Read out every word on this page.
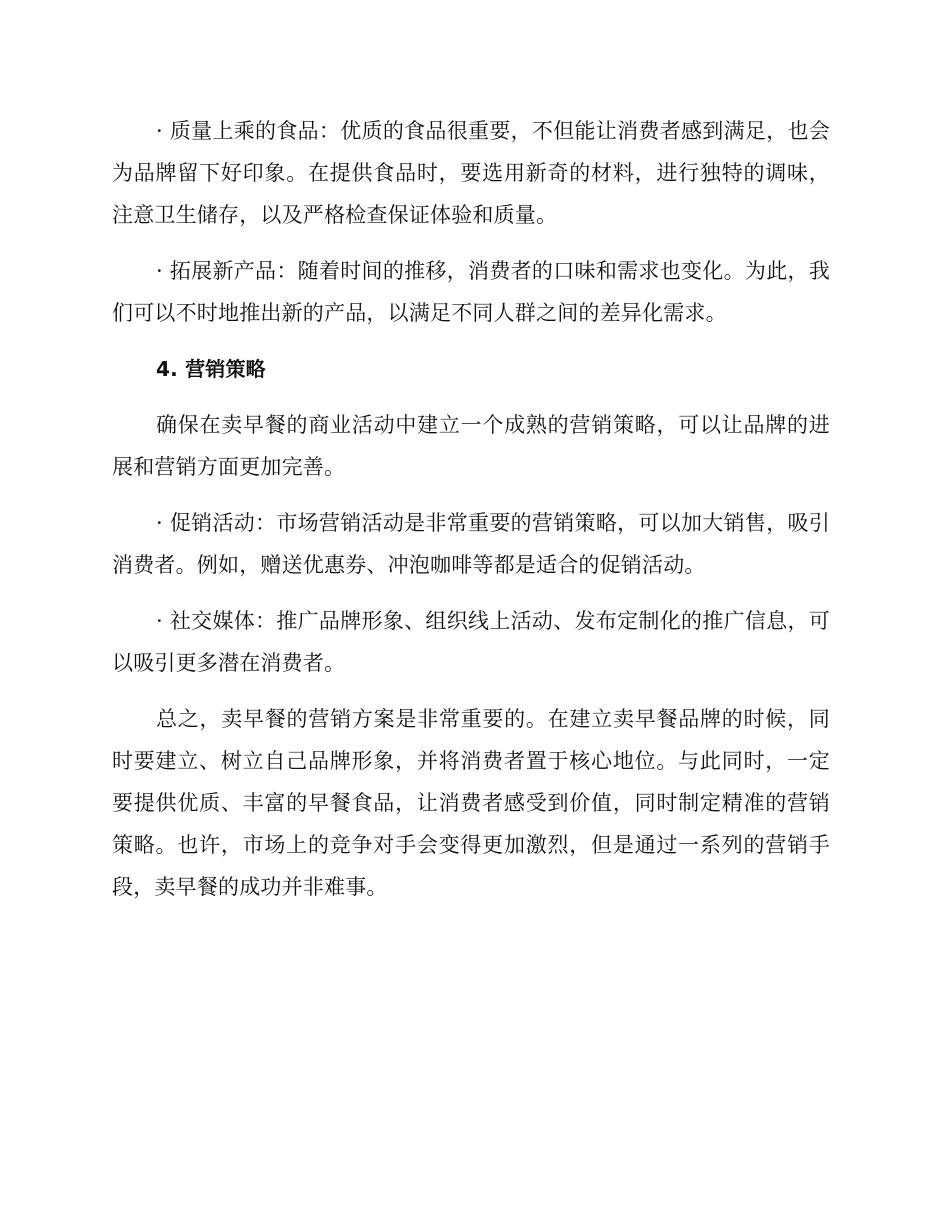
· 质量上乘的食品：优质的食品很重要，不但能让消费者感到满足，也会为品牌留下好印象。在提供食品时，要选用新奇的材料，进行独特的调味，注意卫生储存，以及严格检查保证体验和质量。

· 拓展新产品：随着时间的推移，消费者的口味和需求也变化。为此，我们可以不时地推出新的产品，以满足不同人群之间的差异化需求。

4. 营销策略

确保在卖早餐的商业活动中建立一个成熟的营销策略，可以让品牌的进展和营销方面更加完善。

· 促销活动：市场营销活动是非常重要的营销策略，可以加大销售，吸引消费者。例如，赠送优惠券、冲泡咖啡等都是适合的促销活动。

· 社交媒体：推广品牌形象、组织线上活动、发布定制化的推广信息，可以吸引更多潜在消费者。

总之，卖早餐的营销方案是非常重要的。在建立卖早餐品牌的时候，同时要建立、树立自己品牌形象，并将消费者置于核心地位。与此同时，一定要提供优质、丰富的早餐食品，让消费者感受到价值，同时制定精准的营销策略。也许，市场上的竞争对手会变得更加激烈，但是通过一系列的营销手段，卖早餐的成功并非难事。
